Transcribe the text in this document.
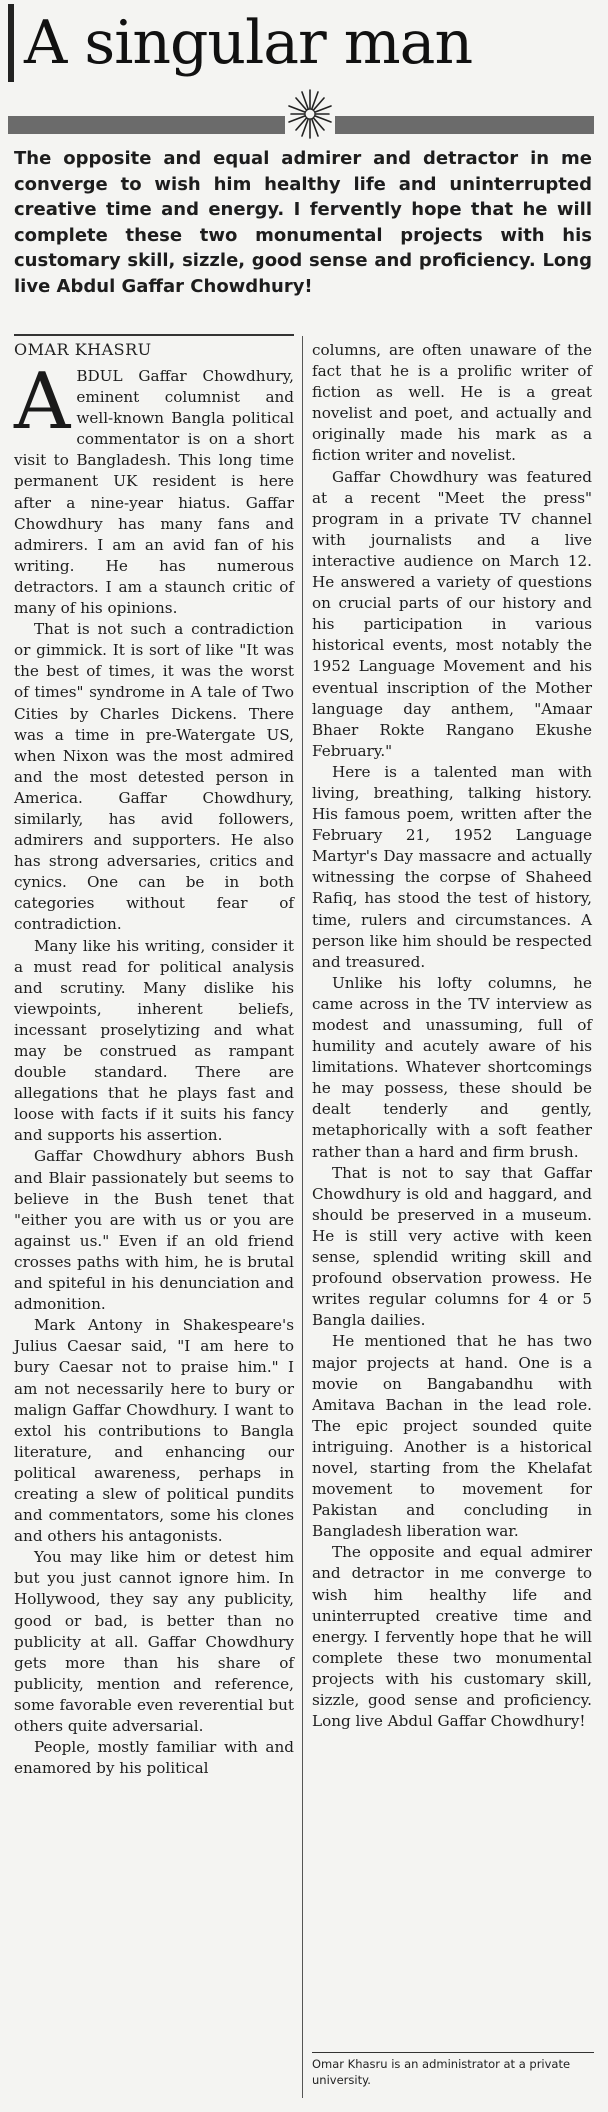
A singular man

The opposite and equal admirer and detractor in me converge to wish him healthy life and uninterrupted creative time and energy. I fervently hope that he will complete these two monumental projects with his customary skill, sizzle, good sense and proficiency. Long live Abdul Gaffar Chowdhury!

OMAR KHASRU

ABDUL Gaffar Chowdhury, eminent columnist and well-known Bangla political commentator is on a short visit to Bangladesh. This long time permanent UK resident is here after a nine-year hiatus. Gaffar Chowdhury has many fans and admirers. I am an avid fan of his writing. He has numerous detractors. I am a staunch critic of many of his opinions.

That is not such a contradiction or gimmick. It is sort of like "It was the best of times, it was the worst of times" syndrome in A tale of Two Cities by Charles Dickens. There was a time in pre-Watergate US, when Nixon was the most admired and the most detested person in America. Gaffar Chowdhury, similarly, has avid followers, admirers and supporters. He also has strong adversaries, critics and cynics. One can be in both categories without fear of contradiction.

Many like his writing, consider it a must read for political analysis and scrutiny. Many dislike his viewpoints, inherent beliefs, incessant proselytizing and what may be construed as rampant double standard. There are allegations that he plays fast and loose with facts if it suits his fancy and supports his assertion.

Gaffar Chowdhury abhors Bush and Blair passionately but seems to believe in the Bush tenet that "either you are with us or you are against us." Even if an old friend crosses paths with him, he is brutal and spiteful in his denunciation and admonition.

Mark Antony in Shakespeare's Julius Caesar said, "I am here to bury Caesar not to praise him." I am not necessarily here to bury or malign Gaffar Chowdhury. I want to extol his contributions to Bangla literature, and enhancing our political awareness, perhaps in creating a slew of political pundits and commentators, some his clones and others his antagonists.

You may like him or detest him but you just cannot ignore him. In Hollywood, they say any publicity, good or bad, is better than no publicity at all. Gaffar Chowdhury gets more than his share of publicity, mention and reference, some favorable even reverential but others quite adversarial.

People, mostly familiar with and enamored by his political

columns, are often unaware of the fact that he is a prolific writer of fiction as well. He is a great novelist and poet, and actually and originally made his mark as a fiction writer and novelist.

Gaffar Chowdhury was featured at a recent "Meet the press" program in a private TV channel with journalists and a live interactive audience on March 12. He answered a variety of questions on crucial parts of our history and his participation in various historical events, most notably the 1952 Language Movement and his eventual inscription of the Mother language day anthem, "Amaar Bhaer Rokte Rangano Ekushe February."

Here is a talented man with living, breathing, talking history. His famous poem, written after the February 21, 1952 Language Martyr's Day massacre and actually witnessing the corpse of Shaheed Rafiq, has stood the test of history, time, rulers and circumstances. A person like him should be respected and treasured.

Unlike his lofty columns, he came across in the TV interview as modest and unassuming, full of humility and acutely aware of his limitations. Whatever shortcomings he may possess, these should be dealt tenderly and gently, metaphorically with a soft feather rather than a hard and firm brush.

That is not to say that Gaffar Chowdhury is old and haggard, and should be preserved in a museum. He is still very active with keen sense, splendid writing skill and profound observation prowess. He writes regular columns for 4 or 5 Bangla dailies.

He mentioned that he has two major projects at hand. One is a movie on Bangabandhu with Amitava Bachan in the lead role. The epic project sounded quite intriguing. Another is a historical novel, starting from the Khelafat movement to movement for Pakistan and concluding in Bangladesh liberation war.

The opposite and equal admirer and detractor in me converge to wish him healthy life and uninterrupted creative time and energy. I fervently hope that he will complete these two monumental projects with his customary skill, sizzle, good sense and proficiency. Long live Abdul Gaffar Chowdhury!

Omar Khasru is an administrator at a private university.
